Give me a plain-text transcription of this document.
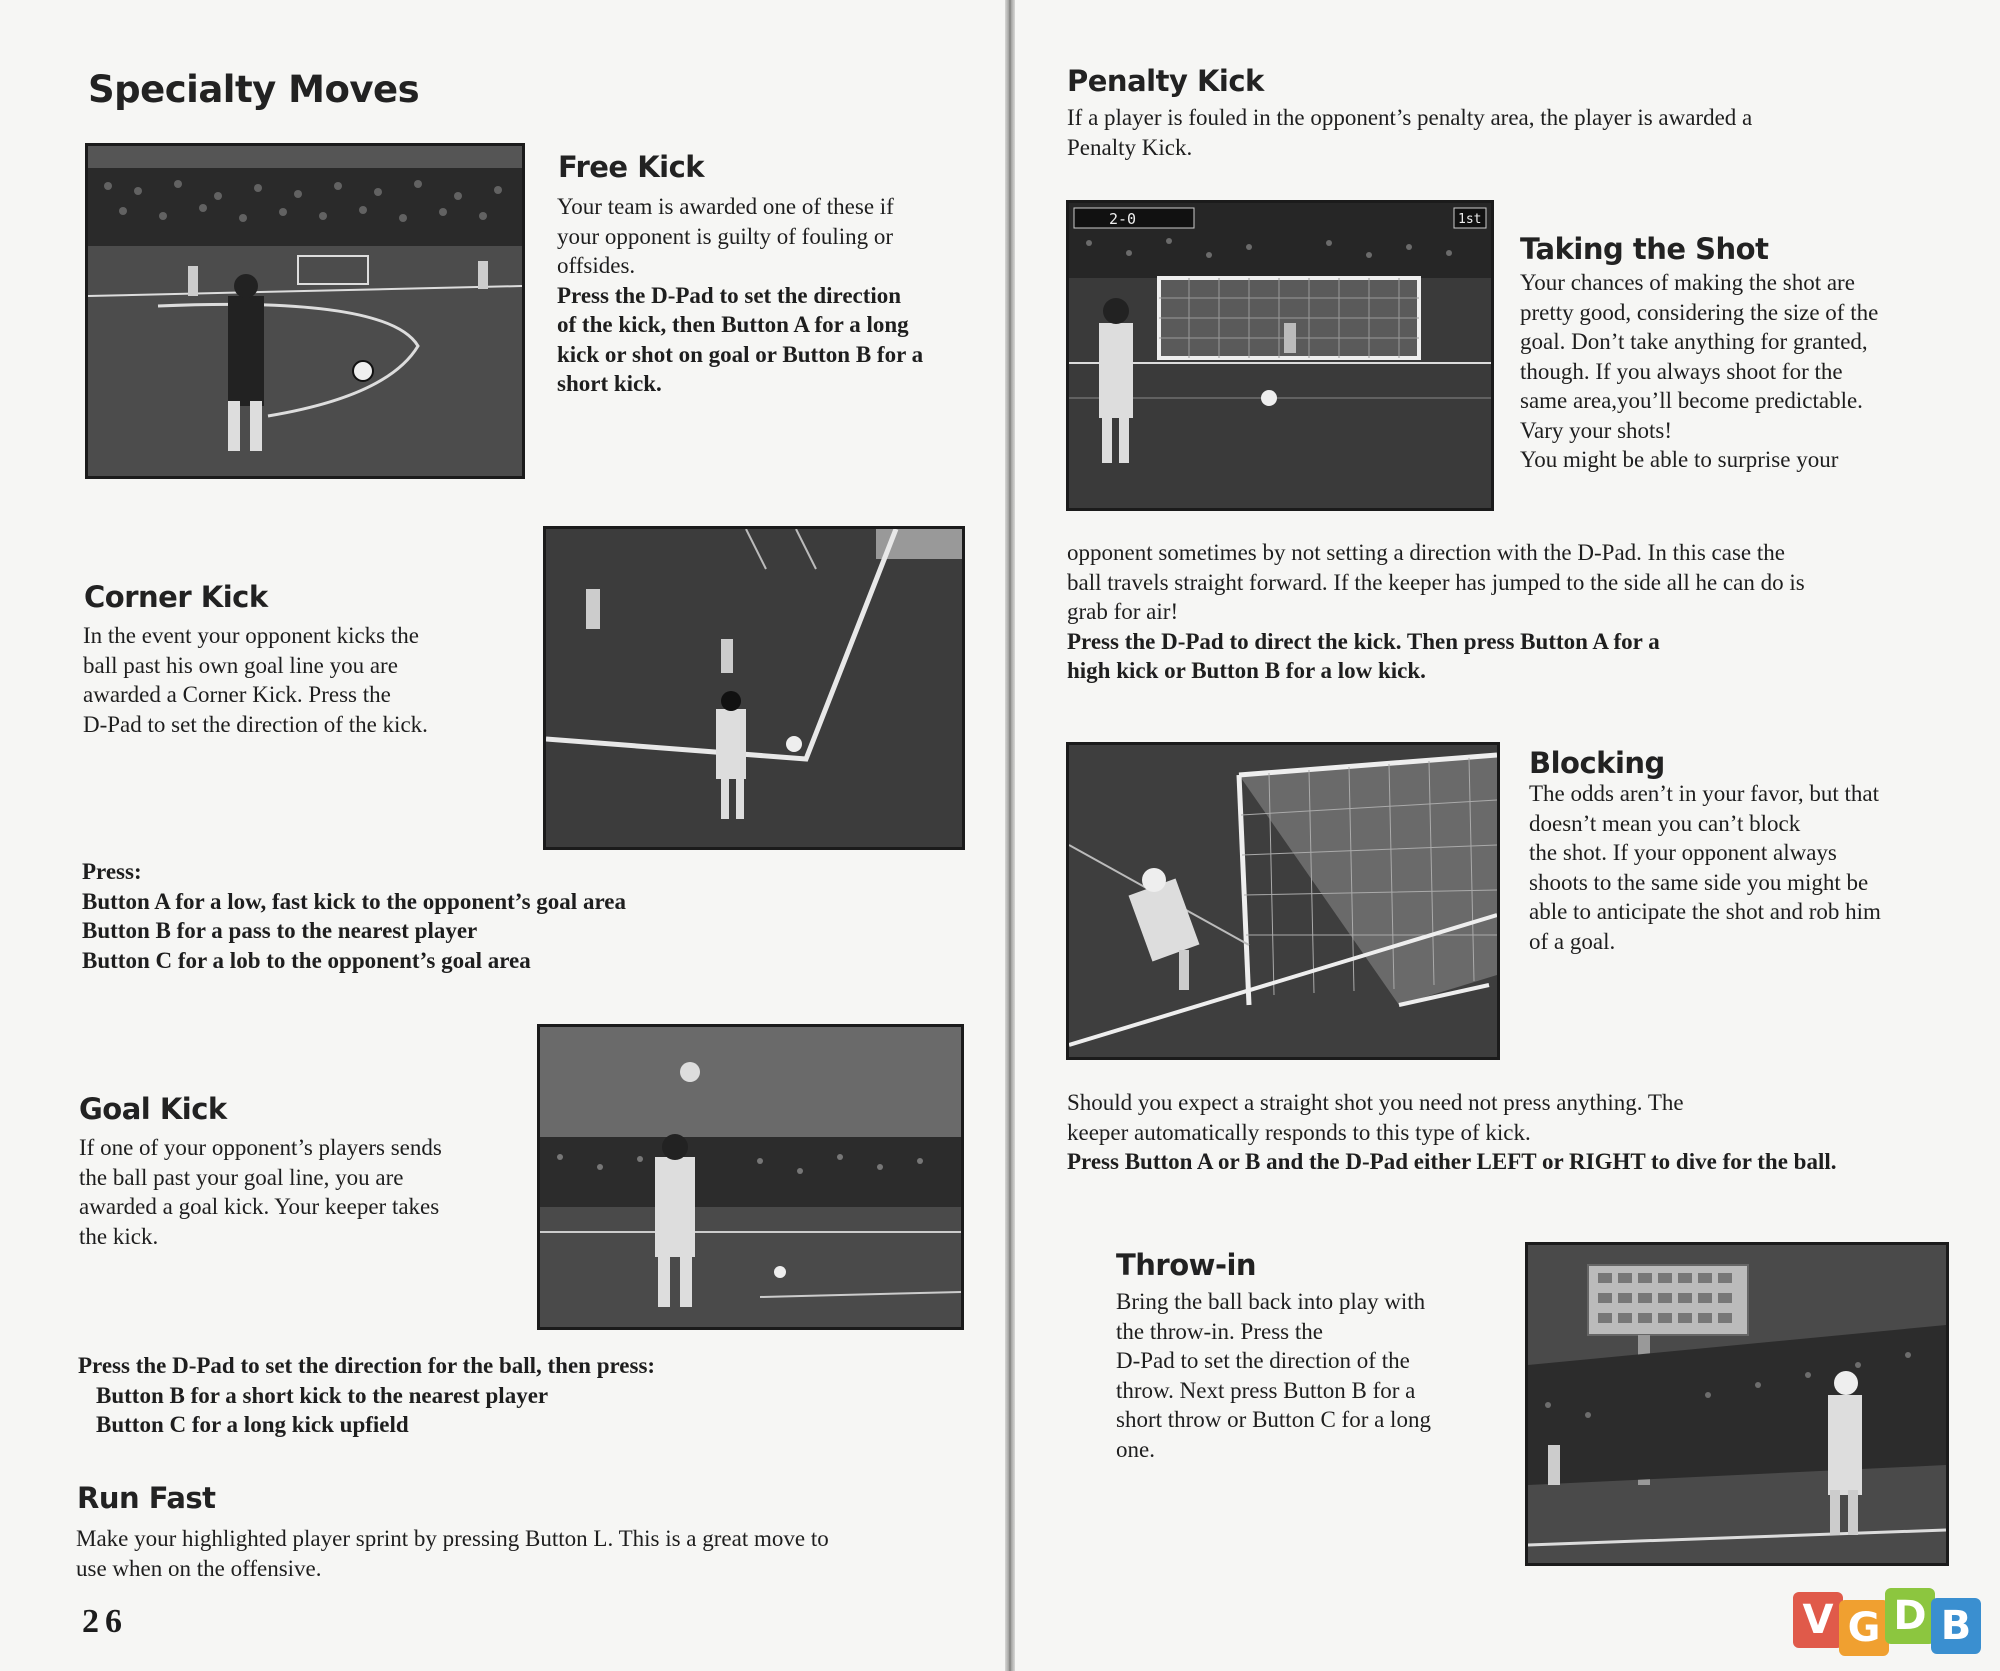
Specialty Moves
Free Kick

Your team is awarded one of these if

your opponent is guilty of fouling or

offsides.

Press the D-Pad to set the direction

of the kick, then Button A for a long

kick or shot on goal or Button B for a

short kick.

Corner Kick

In the event your opponent kicks the

ball past his own goal line you are

awarded a Corner Kick. Press the

D-Pad to set the direction of the kick.

Press:

Button A for a low, fast kick to the opponent’s goal area

Button B for a pass to the nearest player

Button C for a lob to the opponent’s goal area

Goal Kick

If one of your opponent’s players sends

the ball past your goal line, you are

awarded a goal kick. Your keeper takes

the kick.

Press the D-Pad to set the direction for the ball, then press:

Button B for a short kick to the nearest player

Button C for a long kick upfield

Run Fast

Make your highlighted player sprint by pressing Button L. This is a great move to

use when on the offensive.

26
Penalty Kick

If a player is fouled in the opponent’s penalty area, the player is awarded a

Penalty Kick.

2-0	1st
Taking the Shot

Your chances of making the shot are

pretty good, considering the size of the

goal. Don’t take anything for granted,

though. If you always shoot for the

same area,you’ll become predictable.

Vary your shots!

You might be able to surprise your

opponent sometimes by not setting a direction with the D-Pad. In this case the

ball travels straight forward. If the keeper has jumped to the side all he can do is

grab for air!

Press the D-Pad to direct the kick. Then press Button A for a

high kick or Button B for a low kick.

Blocking

The odds aren’t in your favor, but that

doesn’t mean you can’t block

the shot. If your opponent always

shoots to the same side you might be

able to anticipate the shot and rob him

of a goal.

Should you expect a straight shot you need not press anything. The

keeper automatically responds to this type of kick.

Press Button A or B and the D-Pad either LEFT or RIGHT to dive for the ball.

Throw-in

Bring the ball back into play with

the throw-in. Press the

D-Pad to set the direction of the

throw. Next press Button B for a

short throw or Button C for a long

one.

V G D B
